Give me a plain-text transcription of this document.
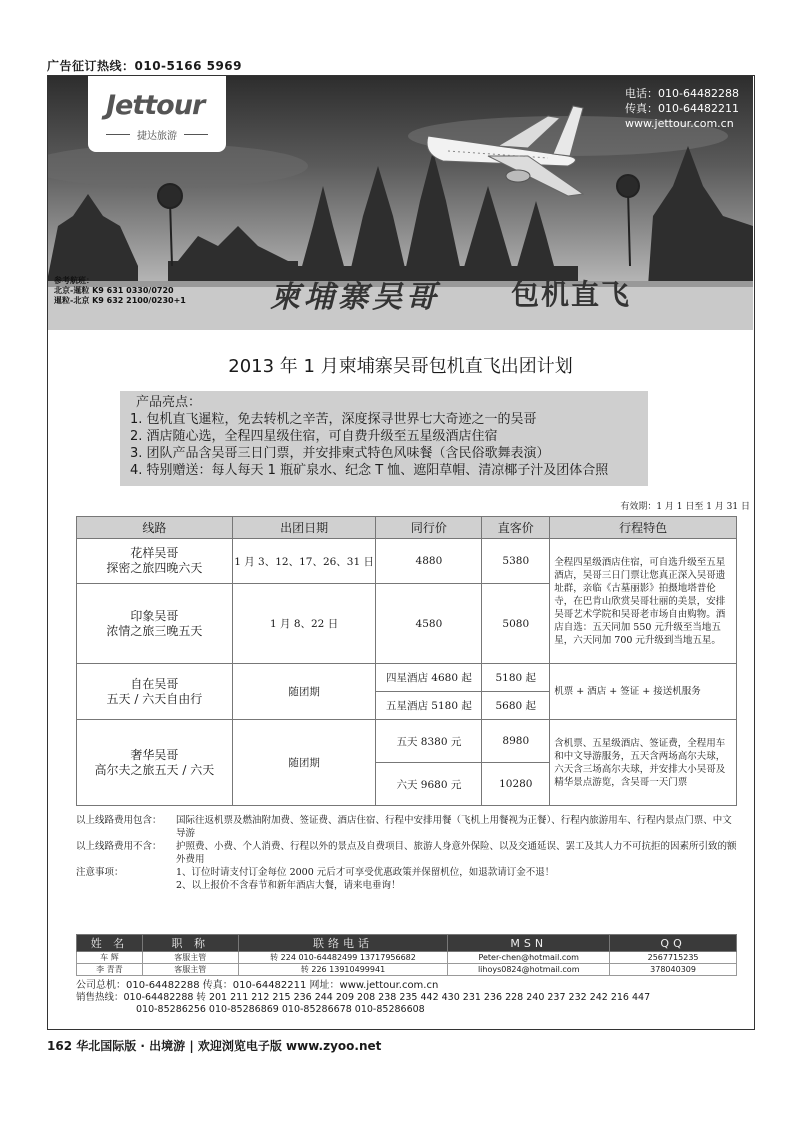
广告征订热线：010-5166 5969
Jettour
捷达旅游
电话：010-64482288
传真：010-64482211
www.jettour.com.cn
参考航班：
北京-暹粒 K9 631 0330/0720
暹粒-北京 K9 632 2100/0230+1	柬埔寨吴哥	包机直飞
2013 年 1 月柬埔寨吴哥包机直飞出团计划
产品亮点：
1. 包机直飞暹粒，免去转机之辛苦，深度探寻世界七大奇迹之一的吴哥
2. 酒店随心选，全程四星级住宿，可自费升级至五星级酒店住宿
3. 团队产品含吴哥三日门票，并安排柬式特色风味餐（含民俗歌舞表演）
4. 特别赠送：每人每天 1 瓶矿泉水、纪念 T 恤、遮阳草帽、清凉椰子汁及团体合照
有效期：1 月 1 日至 1 月 31 日
线路	出团日期	同行价	直客价	行程特色

花样吴哥
探密之旅四晚六天	1 月 3、12、17、26、31 日	4880	5380	全程四星级酒店住宿，可自选升级至五星酒店，吴哥三日门票让您真正深入吴哥遗址群，亲临《古墓丽影》拍摄地塔普伦寺，在巴肯山欣赏吴哥壮丽的美景，安排吴哥艺术学院和吴哥老市场自由购物。酒店自选：五天同加 550 元升级至当地五星，六天同加 700 元升级到当地五星。

印象吴哥
浓情之旅三晚五天	1 月 8、22 日	4580	5080	

自在吴哥
五天 / 六天自由行	随团期	四星酒店 4680 起	5180 起	机票 + 酒店 + 签证 + 接送机服务
		五星酒店 5180 起	5680 起	

奢华吴哥
高尔夫之旅五天 / 六天	随团期	五天 8380 元	8980	含机票、五星级酒店、签证费，全程用车和中文导游服务，五天含两场高尔夫球，六天含三场高尔夫球，并安排大小吴哥及精华景点游览，含吴哥一天门票
		六天 9680 元	10280	
以上线路费用包含：	国际往返机票及燃油附加费、签证费、酒店住宿、行程中安排用餐（飞机上用餐视为正餐）、行程内旅游用车、行程内景点门票、中文导游
以上线路费用不含：	护照费、小费、个人消费、行程以外的景点及自费项目、旅游人身意外保险、以及交通延误、罢工及其人力不可抗拒的因素所引致的额外费用
注意事项：	1、订位时请支付订金每位 2000 元后才可享受优惠政策并保留机位，如退款请订金不退！
2、以上报价不含春节和新年酒店大餐，请来电垂询！
姓 名	职 称	联络电话	MSN	QQ
车 辉	客服主管	转 224 010-64482499 13717956682	Peter-chen@hotmail.com	2567715235
李 青青	客服主管	转 226 13910499941	lihoys0824@hotmail.com	378040309
公司总机：010-64482288 传真：010-64482211 网址：www.jettour.com.cn
销售热线：010-64482288 转 201 211 212 215 236 244 209 208 238 235 442 430 231 236 228 240 237 232 242 216 447
010-85286256 010-85286869 010-85286678 010-85286608
162 华北国际版 · 出境游 | 欢迎浏览电子版 www.zyoo.net
